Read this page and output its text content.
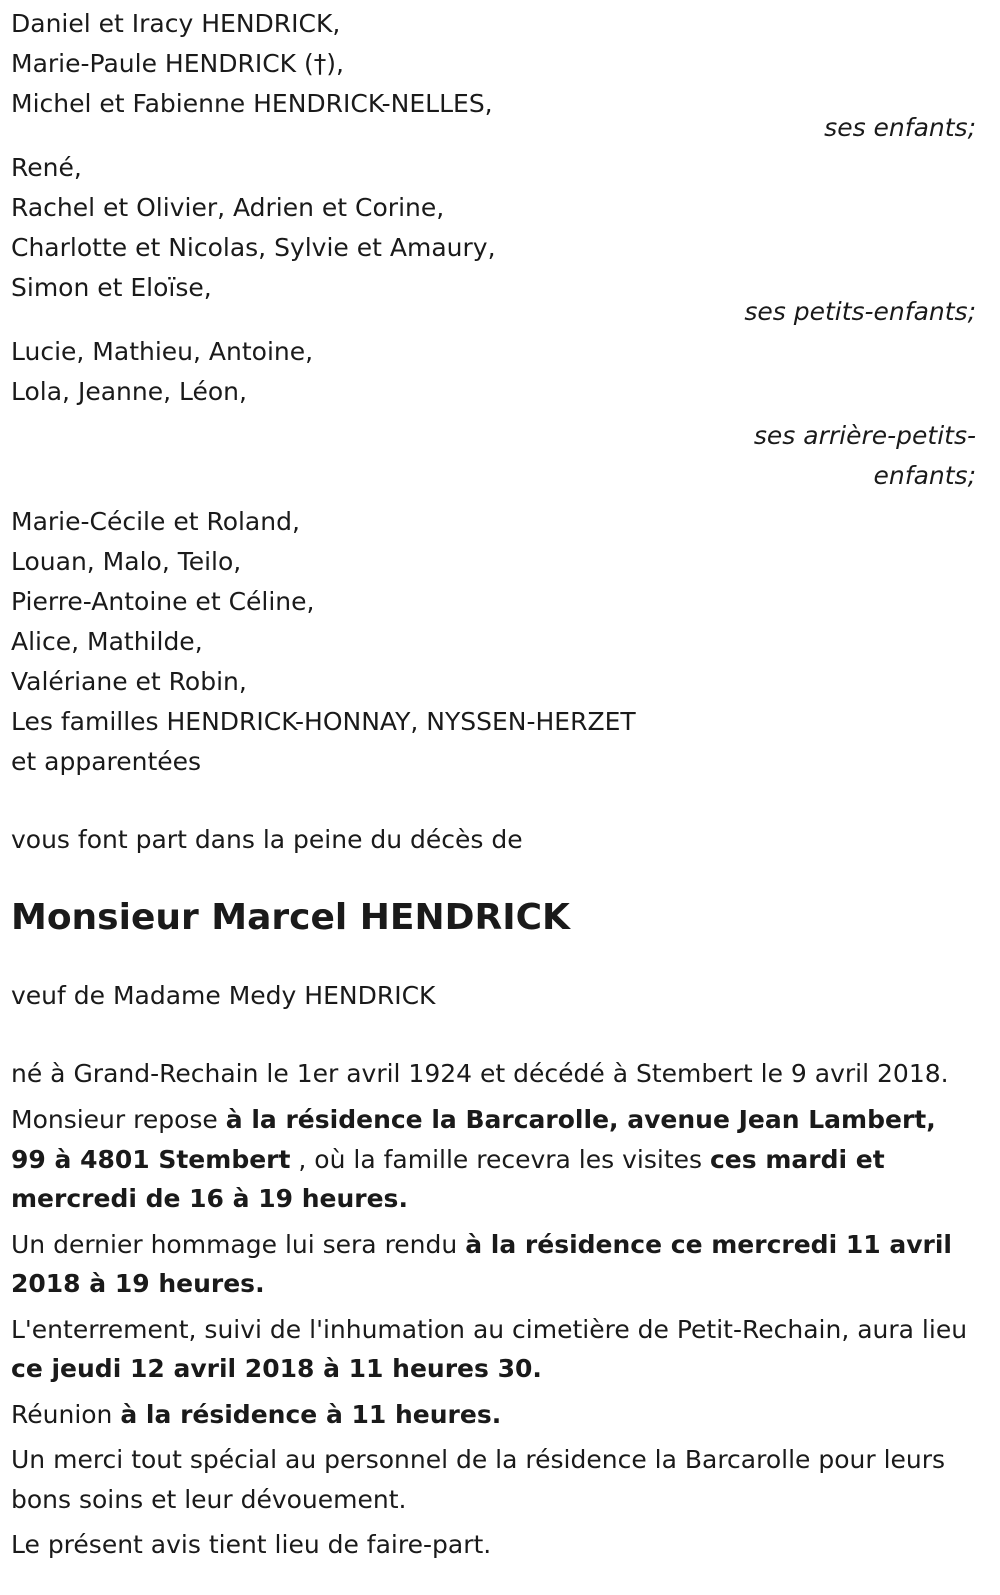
Daniel et Iracy HENDRICK,
Marie-Paule HENDRICK (†),
Michel et Fabienne HENDRICK-NELLES,
ses enfants;
René,
Rachel et Olivier, Adrien et Corine,
Charlotte et Nicolas, Sylvie et Amaury,
Simon et Eloïse,
ses petits-enfants;
Lucie, Mathieu, Antoine,
Lola, Jeanne, Léon,
ses arrière-petits-enfants;
Marie-Cécile et Roland,
Louan, Malo, Teilo,
Pierre-Antoine et Céline,
Alice, Mathilde,
Valériane et Robin,
Les familles HENDRICK-HONNAY, NYSSEN-HERZET
et apparentées
vous font part dans la peine du décès de
Monsieur Marcel HENDRICK
veuf de Madame Medy HENDRICK
né à Grand-Rechain le 1er avril 1924 et décédé à Stembert le 9 avril 2018.
Monsieur repose à la résidence la Barcarolle, avenue Jean Lambert, 99 à 4801 Stembert , où la famille recevra les visites ces mardi et mercredi de 16 à 19 heures.
Un dernier hommage lui sera rendu à la résidence ce mercredi 11 avril 2018 à 19 heures.
L'enterrement, suivi de l'inhumation au cimetière de Petit-Rechain, aura lieu ce jeudi 12 avril 2018 à 11 heures 30.
Réunion à la résidence à 11 heures.
Un merci tout spécial au personnel de la résidence la Barcarolle pour leurs bons soins et leur dévouement.
Le présent avis tient lieu de faire-part.
